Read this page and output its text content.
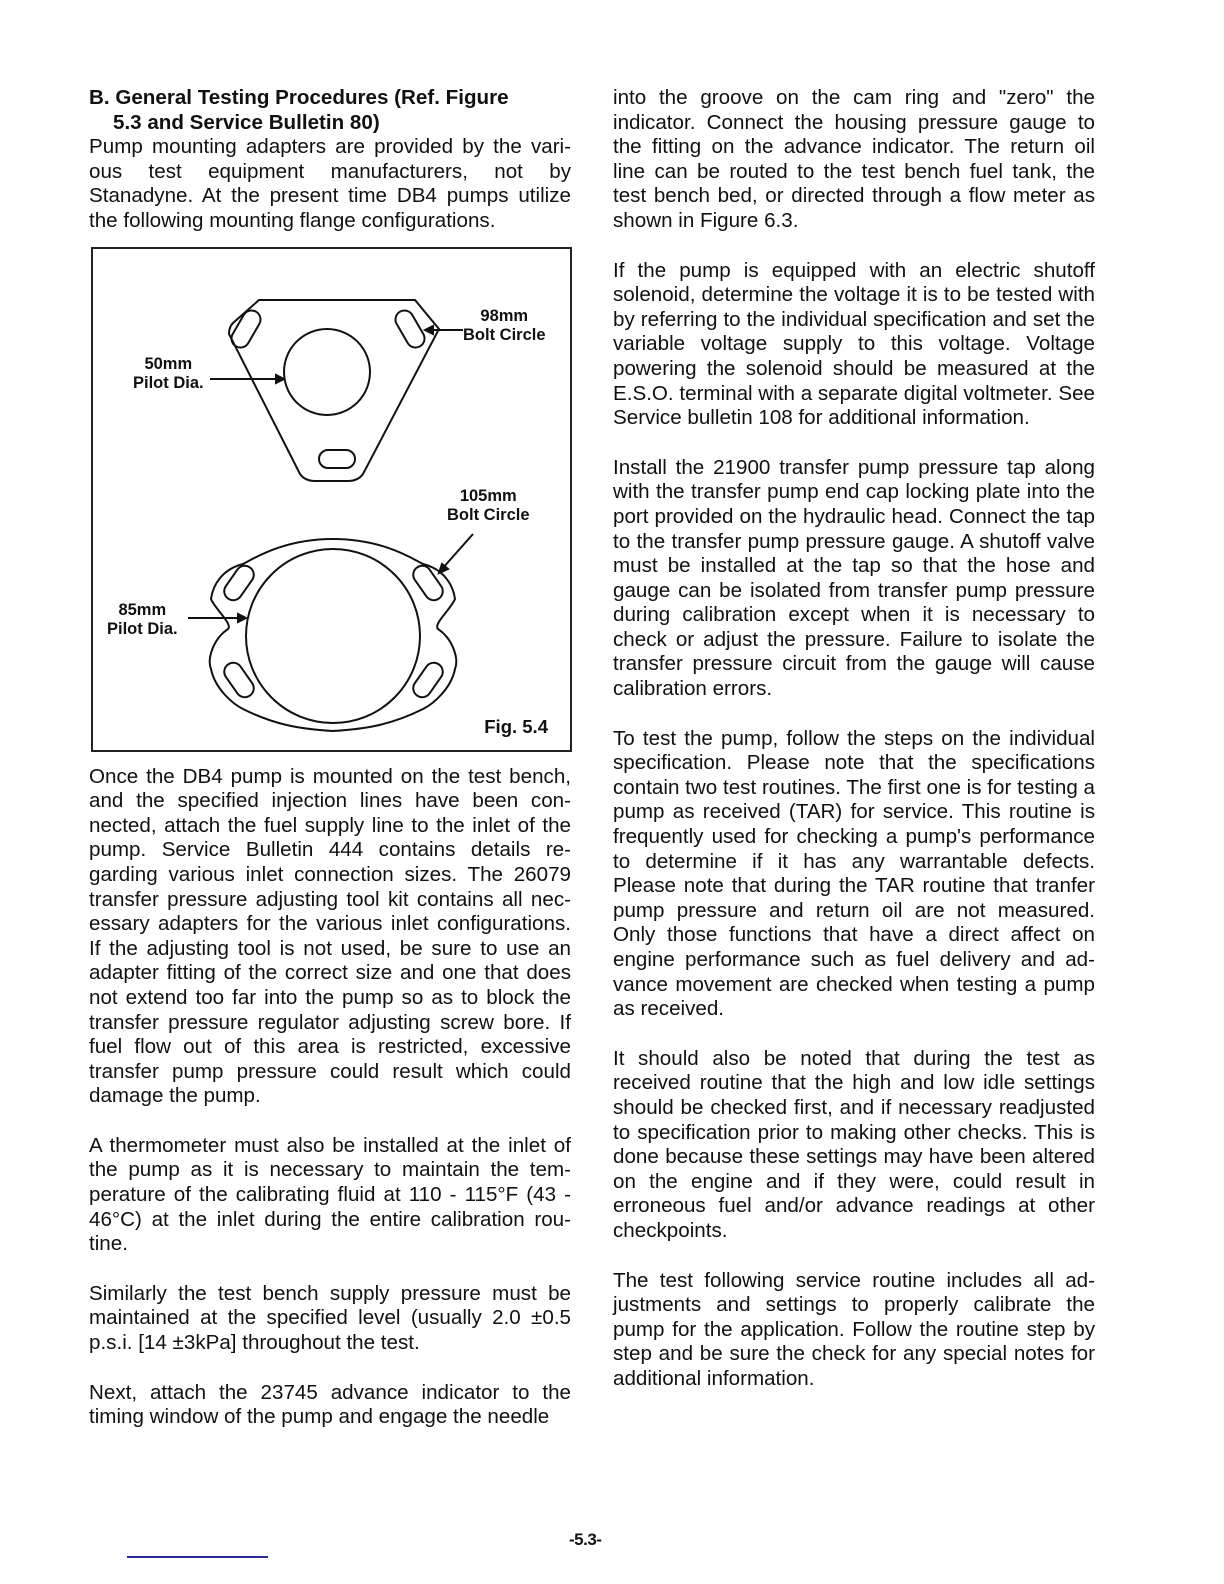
B. General Testing Procedures (Ref. Figure
5.3 and Service Bulletin 80)

Pump mounting adapters are provided by the various test equipment manufacturers, not by Stanadyne. At the present time DB4 pumps utilize the following mounting flange configurations.

98mm
Bolt Circle
50mm
Pilot Dia.
105mm
Bolt Circle
85mm
Pilot Dia.
Fig. 5.4

Once the DB4 pump is mounted on the test bench, and the specified injection lines have been connected, attach the fuel supply line to the inlet of the pump. Service Bulletin 444 contains details regarding various inlet connection sizes. The 26079 transfer pressure adjusting tool kit contains all necessary adapters for the various inlet configurations. If the adjusting tool is not used, be sure to use an adapter fitting of the correct size and one that does not extend too far into the pump so as to block the transfer pressure regulator adjusting screw bore. If fuel flow out of this area is restricted, excessive transfer pump pressure could result which could damage the pump.

A thermometer must also be installed at the inlet of the pump as it is necessary to maintain the temperature of the calibrating fluid at 110 - 115°F (43 - 46°C) at the inlet during the entire calibration routine.

Similarly the test bench supply pressure must be maintained at the specified level (usually 2.0 ±0.5 p.s.i. [14 ±3kPa] throughout the test.

Next, attach the 23745 advance indicator to the timing window of the pump and engage the needle

into the groove on the cam ring and "zero" the indicator. Connect the housing pressure gauge to the fitting on the advance indicator. The return oil line can be routed to the test bench fuel tank, the test bench bed, or directed through a flow meter as shown in Figure 6.3.

If the pump is equipped with an electric shutoff solenoid, determine the voltage it is to be tested with by referring to the individual specification and set the variable voltage supply to this voltage. Voltage powering the solenoid should be measured at the E.S.O. terminal with a separate digital voltmeter. See Service bulletin 108 for additional information.

Install the 21900 transfer pump pressure tap along with the transfer pump end cap locking plate into the port provided on the hydraulic head. Connect the tap to the transfer pump pressure gauge. A shutoff valve must be installed at the tap so that the hose and gauge can be isolated from transfer pump pressure during calibration except when it is necessary to check or adjust the pressure. Failure to isolate the transfer pressure circuit from the gauge will cause calibration errors.

To test the pump, follow the steps on the individual specification. Please note that the specifications contain two test routines. The first one is for testing a pump as received (TAR) for service. This routine is frequently used for checking a pump's performance to determine if it has any warrantable defects. Please note that during the TAR routine that tranfer pump pressure and return oil are not measured. Only those functions that have a direct affect on engine performance such as fuel delivery and advance movement are checked when testing a pump as received.

It should also be noted that during the test as received routine that the high and low idle settings should be checked first, and if necessary readjusted to specification prior to making other checks. This is done because these settings may have been altered on the engine and if they were, could result in erroneous fuel and/or advance readings at other checkpoints.

The test following service routine includes all adjustments and settings to properly calibrate the pump for the application. Follow the routine step by step and be sure the check for any special notes for additional information.

-5.3-
